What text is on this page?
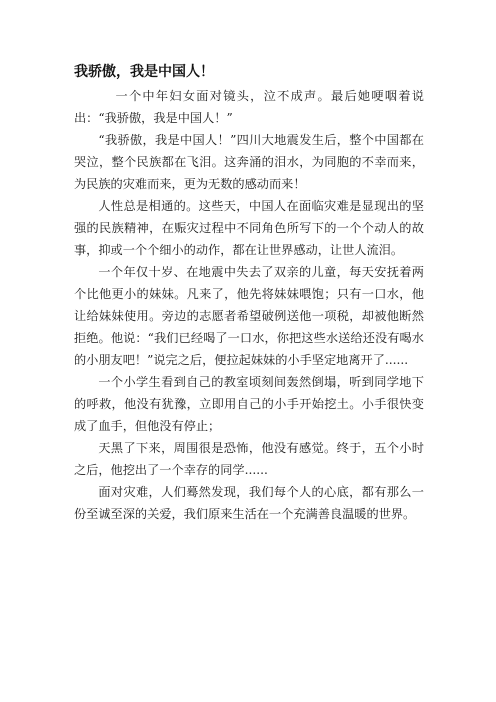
我骄傲，我是中国人！

一个中年妇女面对镜头，泣不成声。最后她哽咽着说出：“我骄傲，我是中国人！”

“我骄傲，我是中国人！”四川大地震发生后，整个中国都在哭泣，整个民族都在飞泪。这奔涌的泪水，为同胞的不幸而来，为民族的灾难而来，更为无数的感动而来！

人性总是相通的。这些天，中国人在面临灾难是显现出的坚强的民族精神，在赈灾过程中不同角色所写下的一个个动人的故事，抑或一个个细小的动作，都在让世界感动，让世人流泪。

一个年仅十岁、在地震中失去了双亲的儿童，每天安抚着两个比他更小的妹妹。凡来了，他先将妹妹喂饱；只有一口水，他让给妹妹使用。旁边的志愿者希望破例送他一项税，却被他断然拒绝。他说：“我们已经喝了一口水，你把这些水送给还没有喝水的小朋友吧！”说完之后，便拉起妹妹的小手坚定地离开了......

一个小学生看到自己的教室顷刻间轰然倒塌，听到同学地下的呼救，他没有犹豫，立即用自己的小手开始挖土。小手很快变成了血手，但他没有停止；

天黑了下来，周围很是恐怖，他没有感觉。终于，五个小时之后，他挖出了一个幸存的同学......

面对灾难，人们蓦然发现，我们每个人的心底，都有那么一份至诚至深的关爱，我们原来生活在一个充满善良温暖的世界。
